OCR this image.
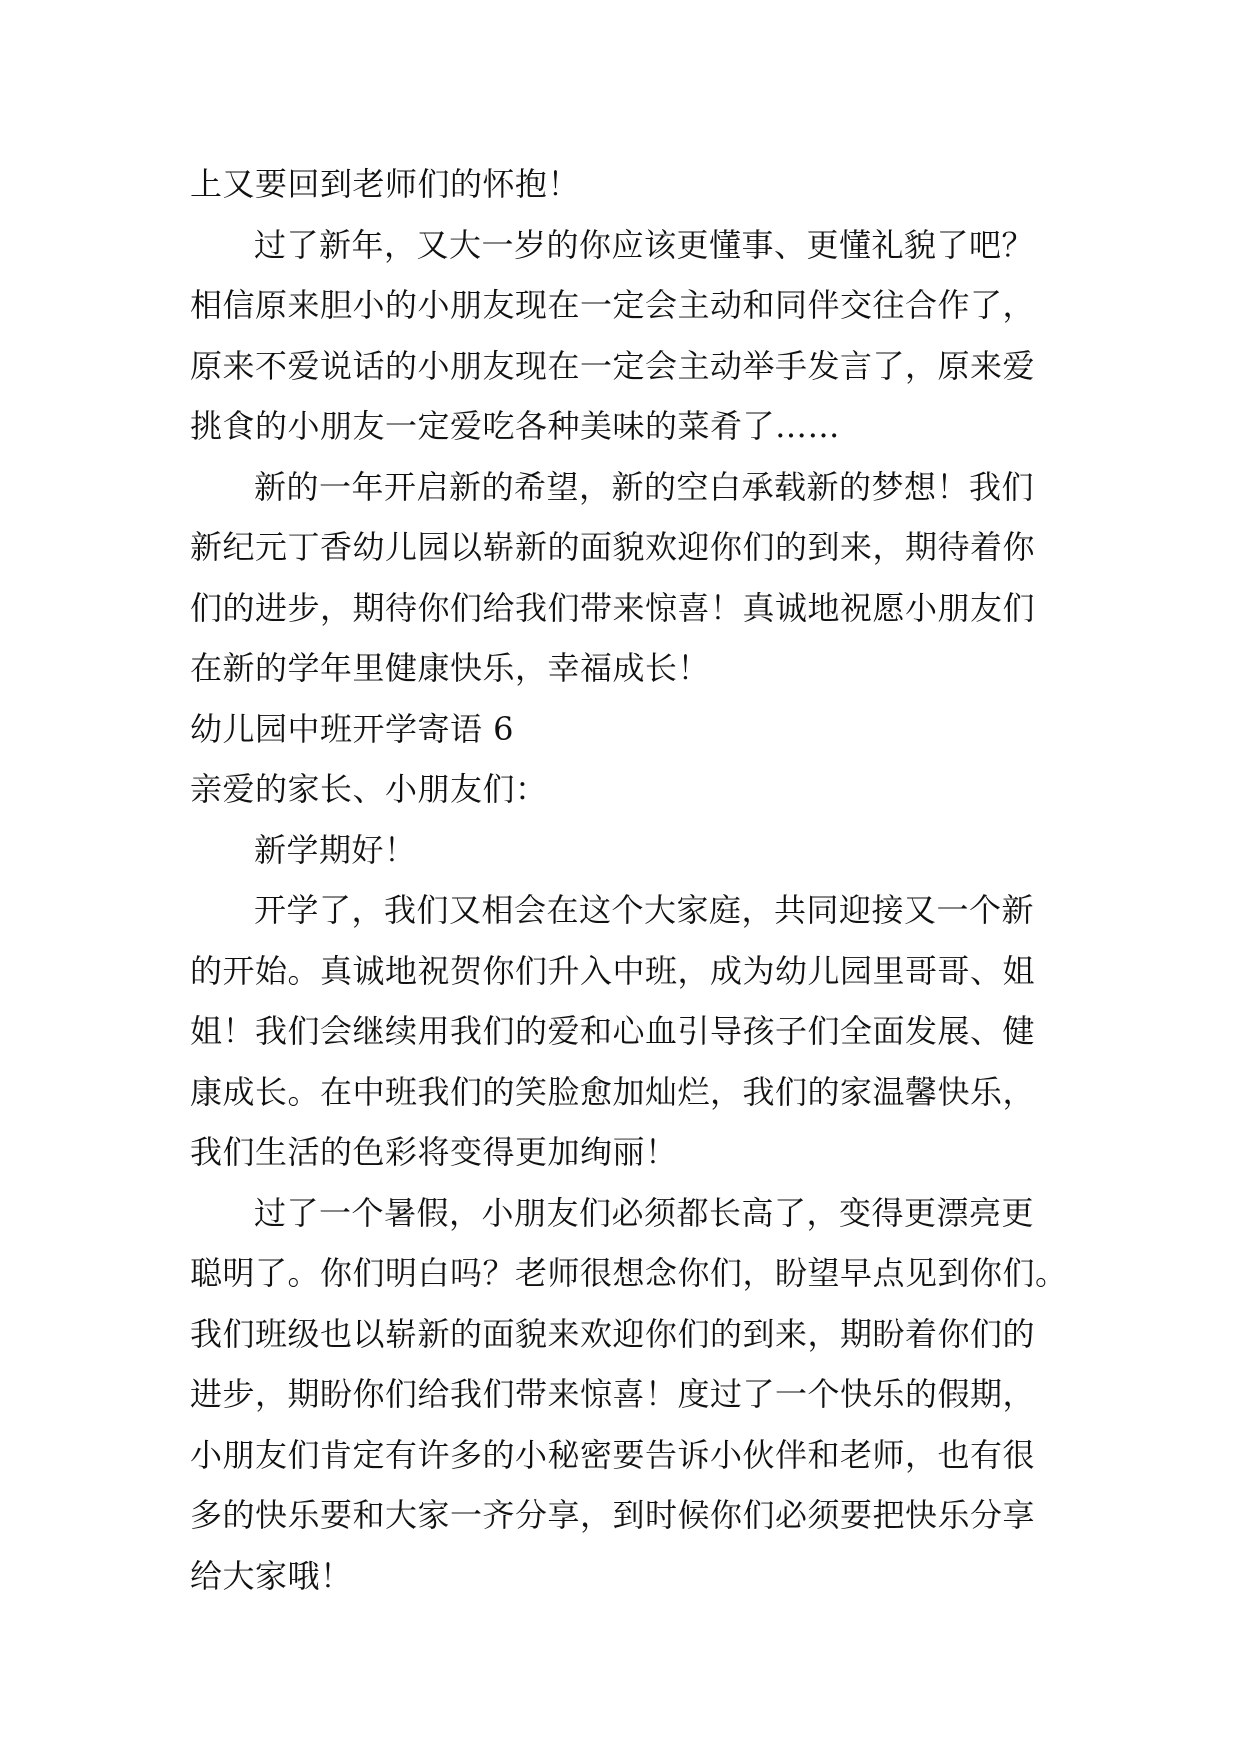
上又要回到老师们的怀抱！
过了新年，又大一岁的你应该更懂事、更懂礼貌了吧？
相信原来胆小的小朋友现在一定会主动和同伴交往合作了，
原来不爱说话的小朋友现在一定会主动举手发言了，原来爱
挑食的小朋友一定爱吃各种美味的菜肴了……
新的一年开启新的希望，新的空白承载新的梦想！我们
新纪元丁香幼儿园以崭新的面貌欢迎你们的到来，期待着你
们的进步，期待你们给我们带来惊喜！真诚地祝愿小朋友们
在新的学年里健康快乐，幸福成长！
幼儿园中班开学寄语 6
亲爱的家长、小朋友们：
新学期好！
开学了，我们又相会在这个大家庭，共同迎接又一个新
的开始。真诚地祝贺你们升入中班，成为幼儿园里哥哥、姐
姐！我们会继续用我们的爱和心血引导孩子们全面发展、健
康成长。在中班我们的笑脸愈加灿烂，我们的家温馨快乐，
我们生活的色彩将变得更加绚丽！
过了一个暑假，小朋友们必须都长高了，变得更漂亮更
聪明了。你们明白吗？老师很想念你们，盼望早点见到你们。
我们班级也以崭新的面貌来欢迎你们的到来，期盼着你们的
进步，期盼你们给我们带来惊喜！度过了一个快乐的假期，
小朋友们肯定有许多的小秘密要告诉小伙伴和老师，也有很
多的快乐要和大家一齐分享，到时候你们必须要把快乐分享
给大家哦！
